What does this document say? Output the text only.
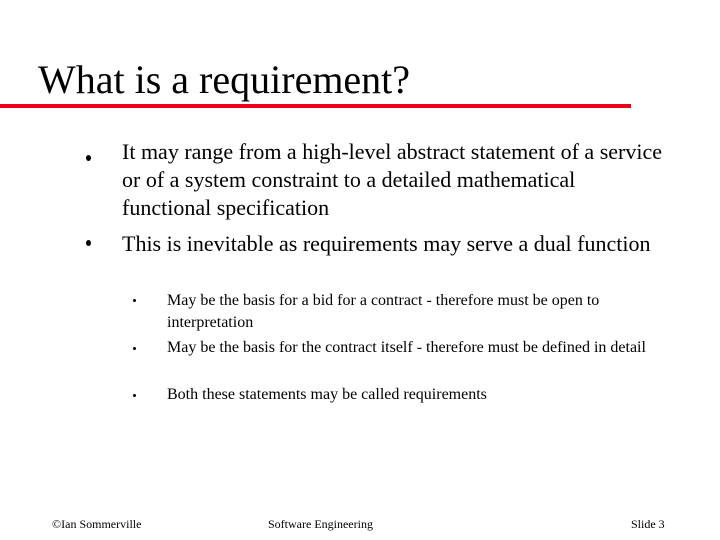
What is a requirement?
It may range from a high-level abstract statement of a service or of a system constraint to a detailed mathematical functional specification
This is inevitable as requirements may serve a dual function
May be the basis for a bid for a contract - therefore must be open to interpretation
May be the basis for the contract itself - therefore must be defined in detail
Both these statements may be called requirements
©Ian Sommerville	Software Engineering	Slide 3
